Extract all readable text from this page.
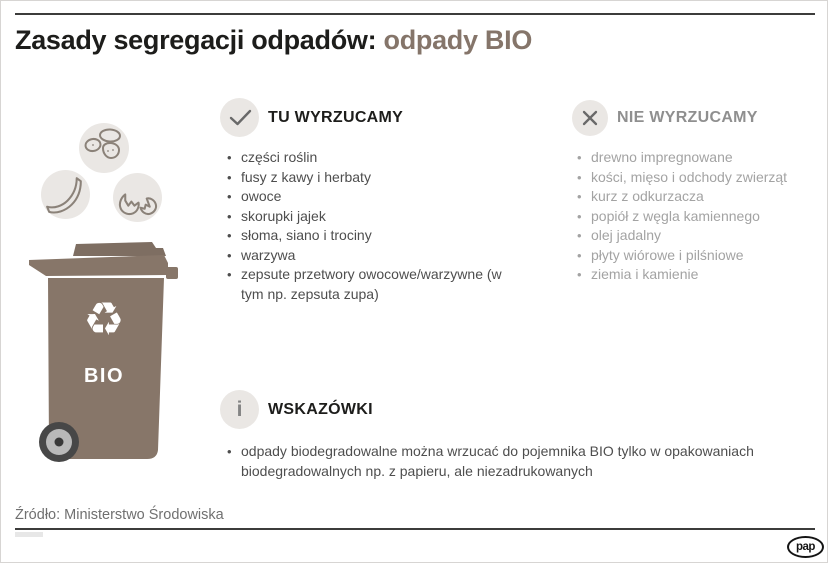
Zasady segregacji odpadów: odpady BIO
♻
BIO
TU WYRZUCAMY
• części roślin
• fusy z kawy i herbaty
• owoce
• skorupki jajek
• słoma, siano i trociny
• warzywa
• zepsute przetwory owocowe/warzywne (w tym np. zepsuta zupa)
NIE WYRZUCAMY
• drewno impregnowane
• kości, mięso i odchody zwierząt
• kurz z odkurzacza
• popiół z węgla kamiennego
• olej jadalny
• płyty wiórowe i pilśniowe
• ziemia i kamienie
i WSKAZÓWKI
• odpady biodegradowalne można wrzucać do pojemnika BIO tylko w opakowaniach biodegradowalnych np. z papieru, ale niezadrukowanych
Źródło: Ministerstwo Środowiska
pap
